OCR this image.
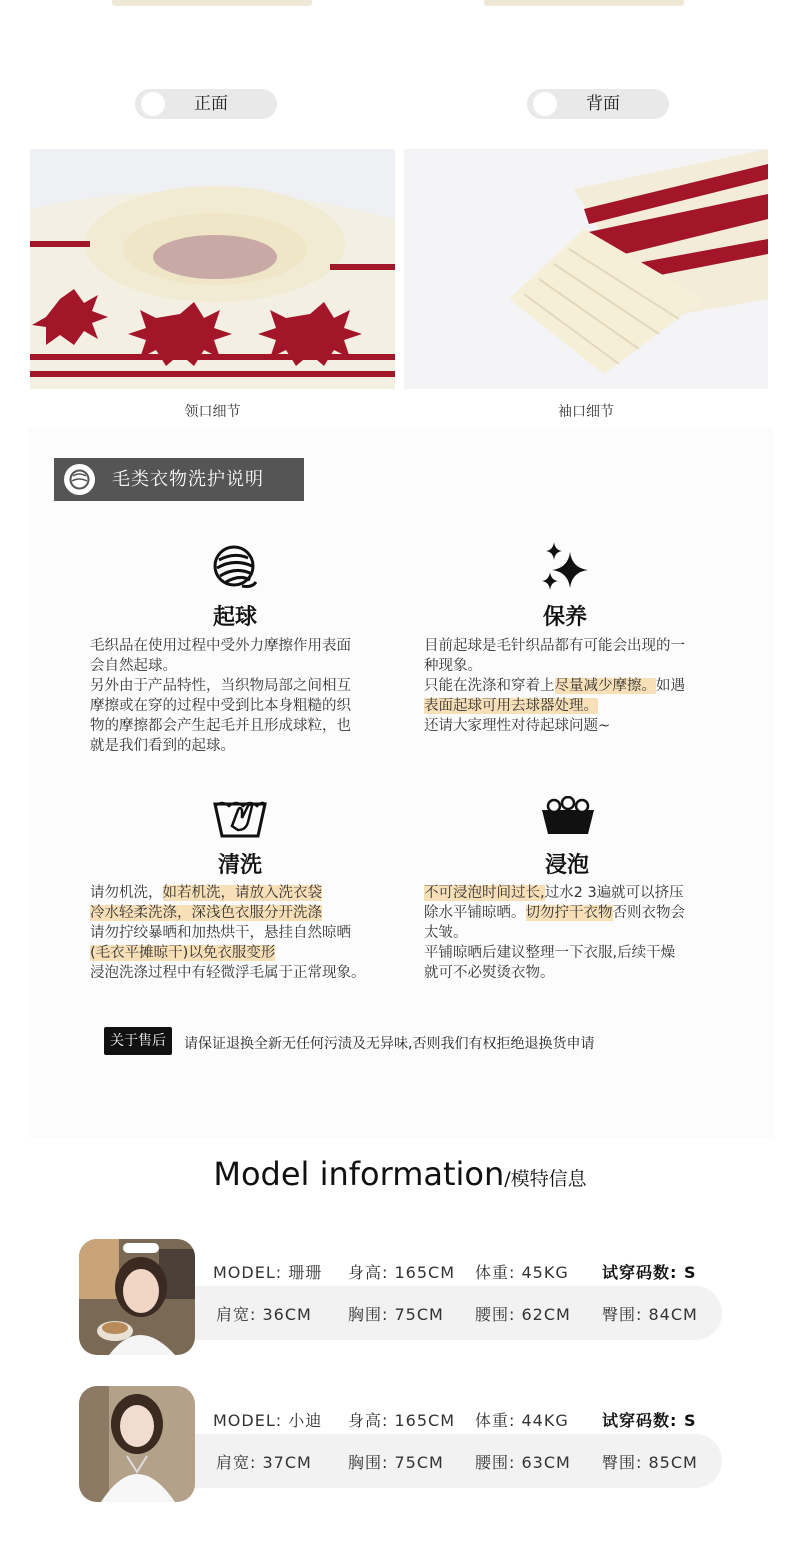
正面	背面
领口细节	袖口细节
毛类衣物洗护说明
起球
毛织品在使用过程中受外力摩擦作用表面
会自然起球。
另外由于产品特性，当织物局部之间相互
摩擦或在穿的过程中受到比本身粗糙的织
物的摩擦都会产生起毛并且形成球粒，也
就是我们看到的起球。
保养
目前起球是毛针织品都有可能会出现的一
种现象。
只能在洗涤和穿着上尽量减少摩擦。如遇
表面起球可用去球器处理。
还请大家理性对待起球问题~
清洗
请勿机洗，如若机洗，请放入洗衣袋
冷水轻柔洗涤，深浅色衣服分开洗涤
请勿拧绞暴晒和加热烘干，悬挂自然晾晒
(毛衣平摊晾干)以免衣服变形
浸泡洗涤过程中有轻微浮毛属于正常现象。
浸泡
不可浸泡时间过长,过水2 3遍就可以挤压
除水平铺晾晒。切勿拧干衣物否则衣物会
太皱。
平铺晾晒后建议整理一下衣服,后续干燥
就可不必熨烫衣物。
关于售后	请保证退换全新无任何污渍及无异味,否则我们有权拒绝退换货申请
Model information/模特信息
MODEL: 珊珊 身高: 165CM 体重: 45KG 试穿码数: S
肩宽: 36CM 胸围: 75CM 腰围: 62CM 臀围: 84CM
MODEL: 小迪 身高: 165CM 体重: 44KG 试穿码数: S
肩宽: 37CM 胸围: 75CM 腰围: 63CM 臀围: 85CM
